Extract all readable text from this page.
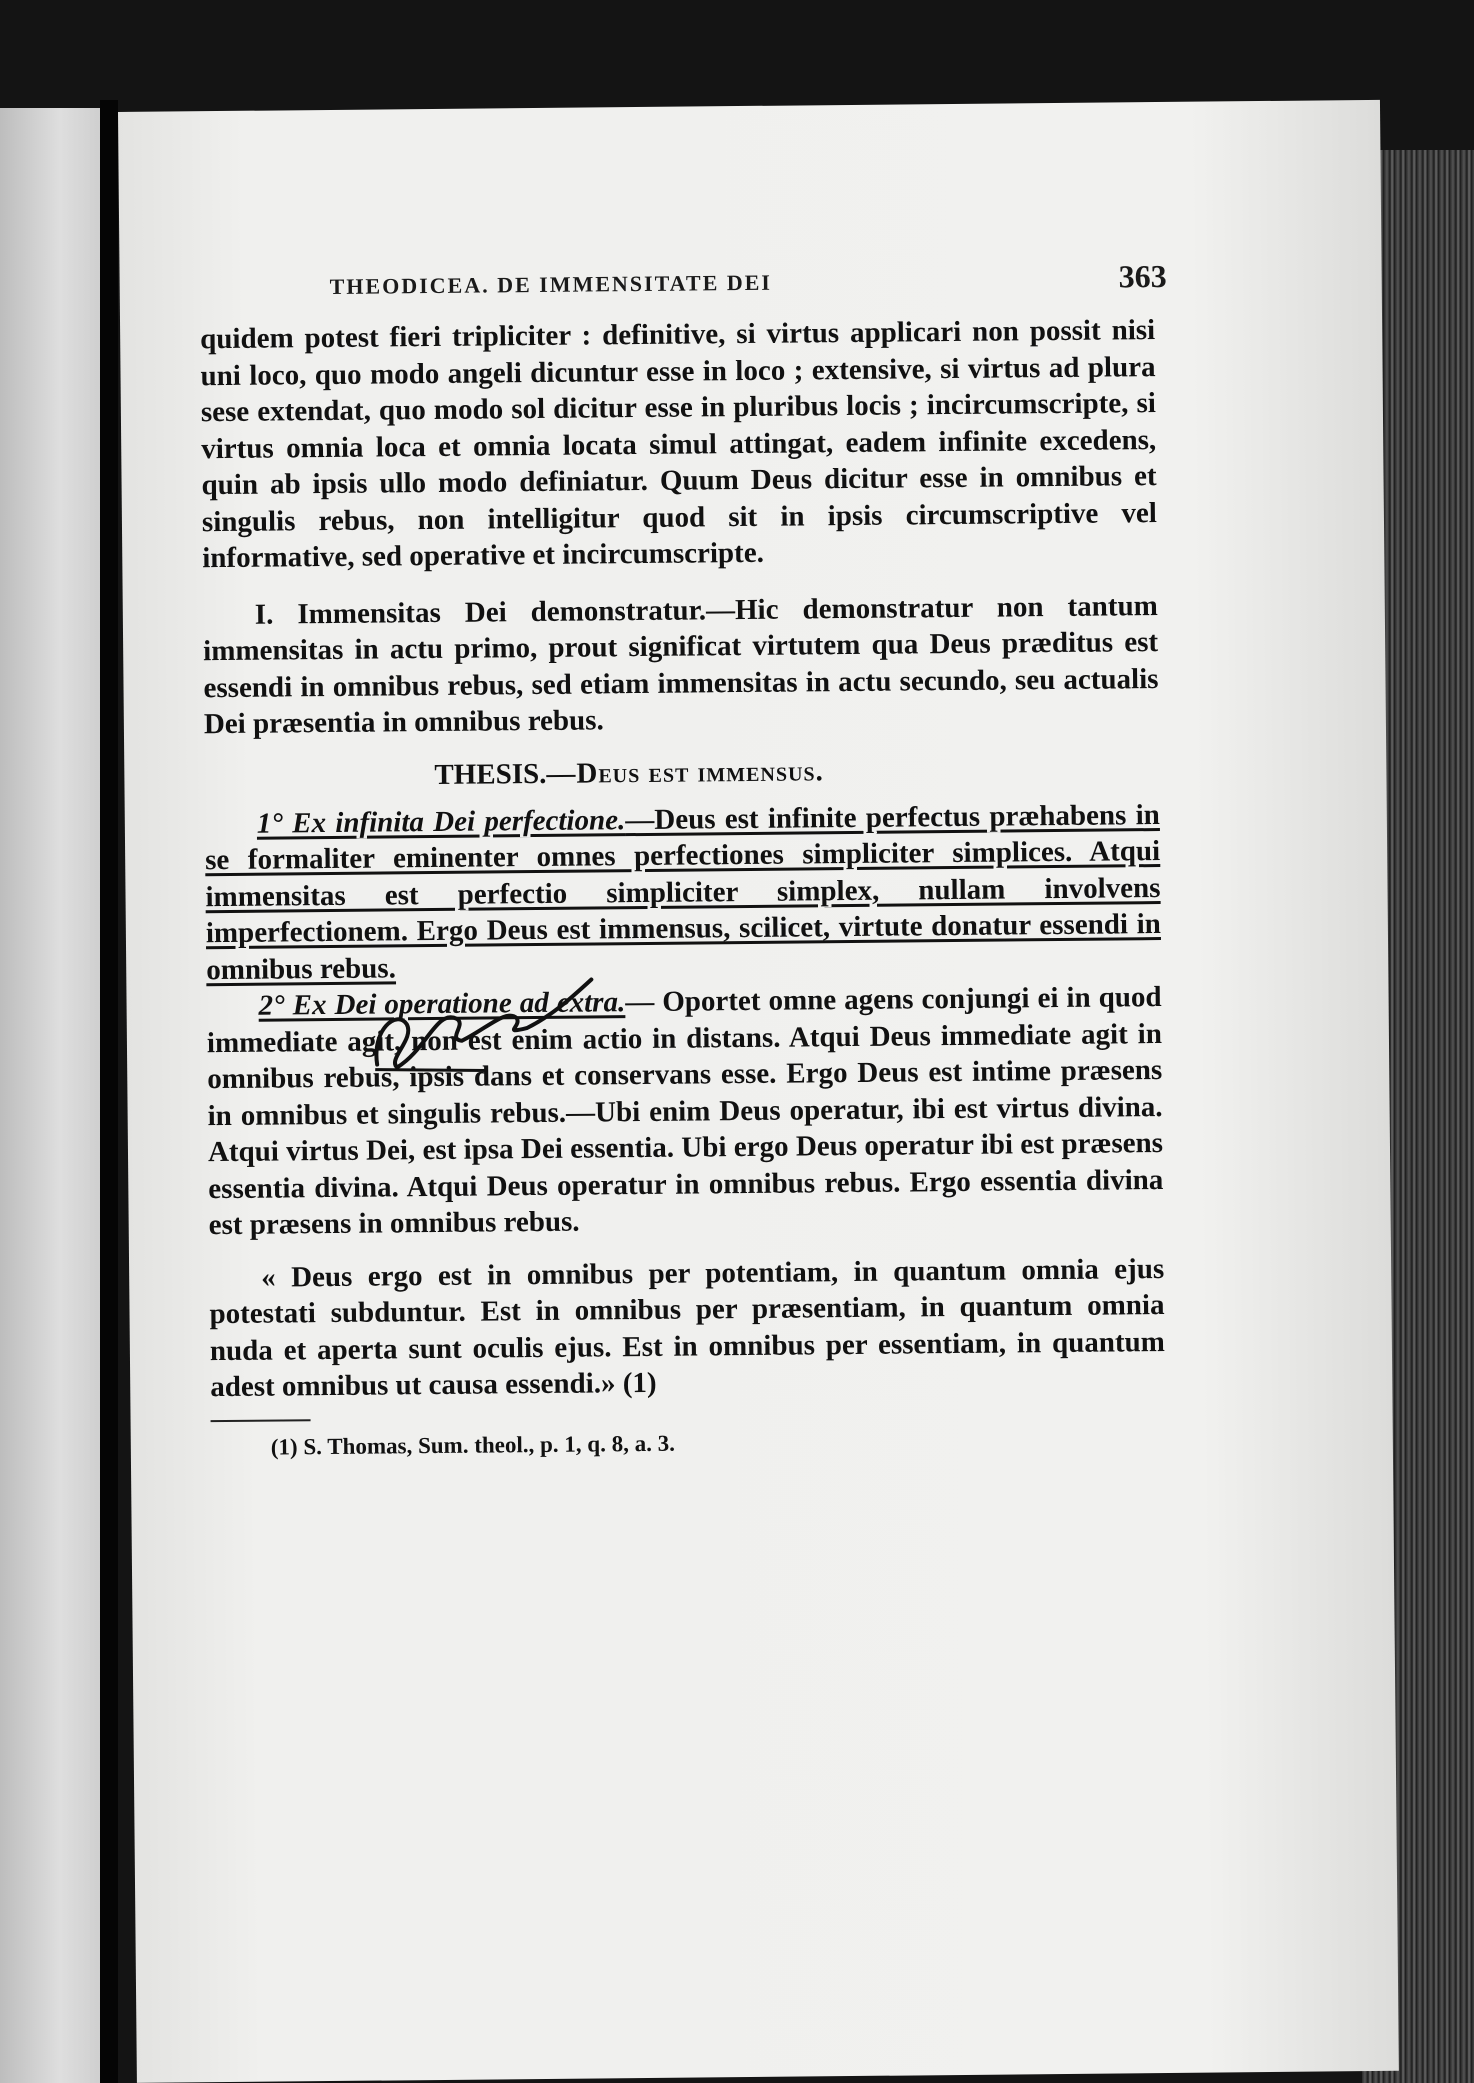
THEODICEA. DE IMMENSITATE DEI	363

quidem potest fieri tripliciter : definitive, si virtus applicari non possit nisi uni loco, quo modo angeli dicuntur esse in loco ; extensive, si virtus ad plura sese extendat, quo modo sol dicitur esse in pluribus locis ; incircumscripte, si virtus omnia loca et omnia locata simul attingat, eadem infinite excedens, quin ab ipsis ullo modo definiatur. Quum Deus dicitur esse in omnibus et singulis rebus, non intelligitur quod sit in ipsis circumscriptive vel informative, sed operative et incircumscripte.

I. Immensitas Dei demonstratur.—Hic demonstratur non tantum immensitas in actu primo, prout significat virtutem qua Deus præditus est essendi in omnibus rebus, sed etiam immensitas in actu secundo, seu actualis Dei præsentia in omnibus rebus.

THESIS.—Deus est immensus.

1° Ex infinita Dei perfectione.—Deus est infinite perfectus præhabens in se formaliter eminenter omnes perfectiones simpliciter simplices. Atqui immensitas est perfectio simpliciter simplex, nullam involvens imperfectionem. Ergo Deus est immensus, scilicet, virtute donatur essendi in omnibus rebus.

2° Ex Dei operatione ad extra.— Oportet omne agens conjungi ei in quod immediate agit, non est enim actio in distans. Atqui Deus immediate agit in omnibus rebus, ipsis dans et conservans esse. Ergo Deus est intime præsens in omnibus et singulis rebus.—Ubi enim Deus operatur, ibi est virtus divina. Atqui virtus Dei, est ipsa Dei essentia. Ubi ergo Deus operatur ibi est præsens essentia divina. Atqui Deus operatur in omnibus rebus. Ergo essentia divina est præsens in omnibus rebus.

« Deus ergo est in omnibus per potentiam, in quantum omnia ejus potestati subduntur. Est in omnibus per præsentiam, in quantum omnia nuda et aperta sunt oculis ejus. Est in omnibus per essentiam, in quantum adest omnibus ut causa essendi.» (1)

(1) S. Thomas, Sum. theol., p. 1, q. 8, a. 3.
